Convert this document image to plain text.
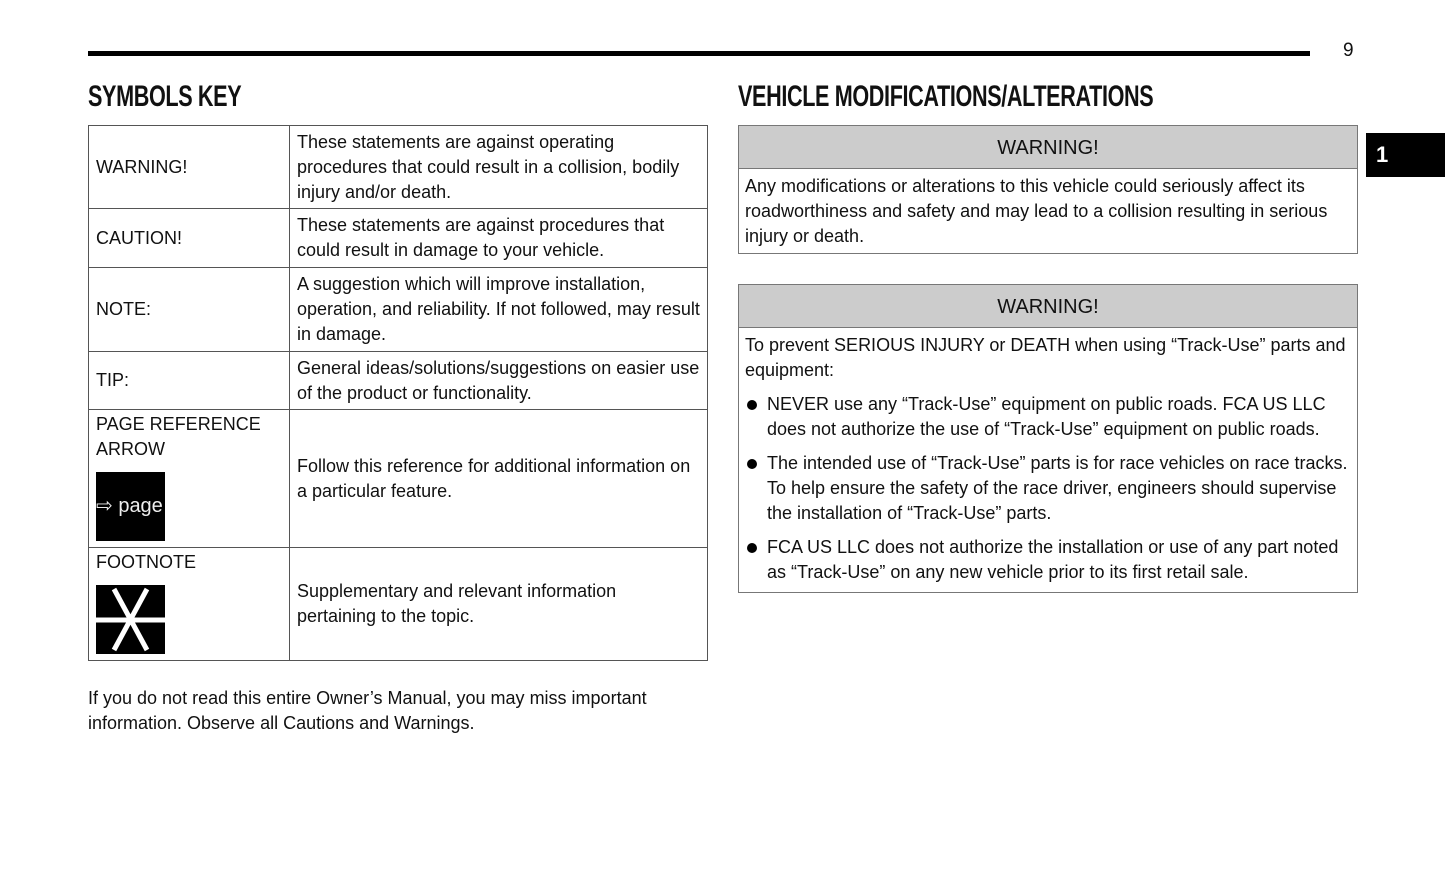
9
1
SYMBOLS KEY
WARNING!	These statements are against operating procedures that could result in a collision, bodily injury and/or death.
CAUTION!	These statements are against procedures that could result in damage to your vehicle.
NOTE:	A suggestion which will improve installation, operation, and reliability. If not followed, may result in damage.
TIP:	General ideas/solutions/suggestions on easier use of the product or functionality.

PAGE REFERENCE ARROW
⇨ page	Follow this reference for additional information on a particular feature.

FOOTNOTE	Supplementary and relevant information pertaining to the topic.
If you do not read this entire Owner’s Manual, you may miss important information. Observe all Cautions and Warnings.
VEHICLE MODIFICATIONS/ALTERATIONS
WARNING!
Any modifications or alterations to this vehicle could seriously affect its roadworthiness and safety and may lead to a collision resulting in serious injury or death.
WARNING!
To prevent SERIOUS INJURY or DEATH when using “Track-Use” parts and equipment:
NEVER use any “Track-Use” equipment on public roads. FCA US LLC does not authorize the use of “Track-Use” equipment on public roads.
The intended use of “Track-Use” parts is for race vehicles on race tracks. To help ensure the safety of the race driver, engineers should supervise the installation of “Track-Use” parts.
FCA US LLC does not authorize the installation or use of any part noted as “Track-Use” on any new vehicle prior to its first retail sale.
